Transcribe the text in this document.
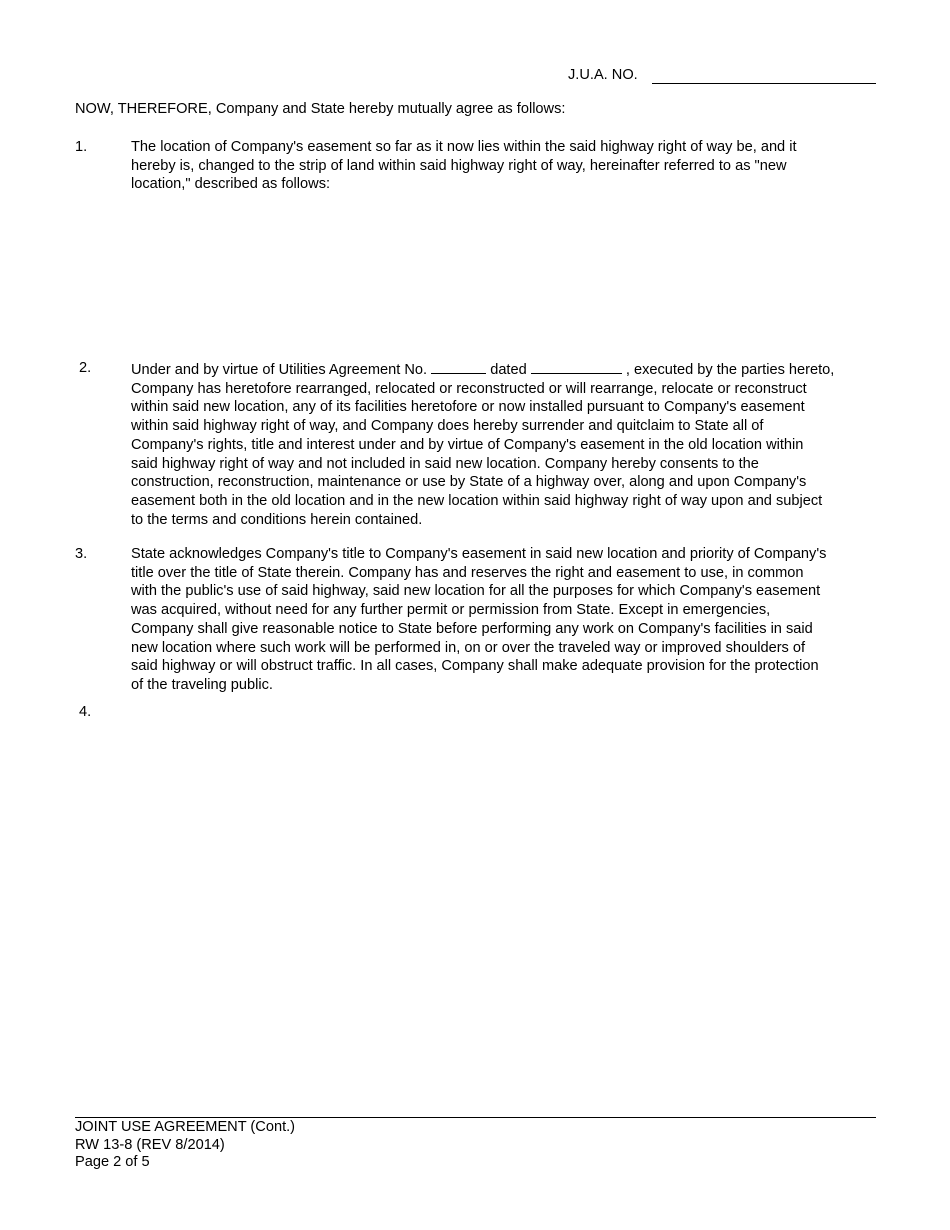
J.U.A. NO.
NOW, THEREFORE, Company and State hereby mutually agree as follows:
1.	The location of Company's easement so far as it now lies within the said highway right of way be, and it
hereby is, changed to the strip of land within said highway right of way, hereinafter referred to as "new
location," described as follows:
2.	Under and by virtue of Utilities Agreement No.	dated	, executed by the parties hereto,
Company has heretofore rearranged, relocated or reconstructed or will rearrange, relocate or reconstruct
within said new location, any of its facilities heretofore or now installed pursuant to Company's easement
within said highway right of way, and Company does hereby surrender and quitclaim to State all of
Company's rights, title and interest under and by virtue of Company's easement in the old location within
said highway right of way and not included in said new location. Company hereby consents to the
construction, reconstruction, maintenance or use by State of a highway over, along and upon Company's
easement both in the old location and in the new location within said highway right of way upon and subject
to the terms and conditions herein contained.
3.	State acknowledges Company's title to Company's easement in said new location and priority of Company's
title over the title of State therein. Company has and reserves the right and easement to use, in common
with the public's use of said highway, said new location for all the purposes for which Company's easement
was acquired, without need for any further permit or permission from State. Except in emergencies,
Company shall give reasonable notice to State before performing any work on Company's facilities in said
new location where such work will be performed in, on or over the traveled way or improved shoulders of
said highway or will obstruct traffic. In all cases, Company shall make adequate provision for the protection
of the traveling public.
4.
JOINT USE AGREEMENT (Cont.)
RW 13-8 (REV 8/2014)
Page 2 of 5
